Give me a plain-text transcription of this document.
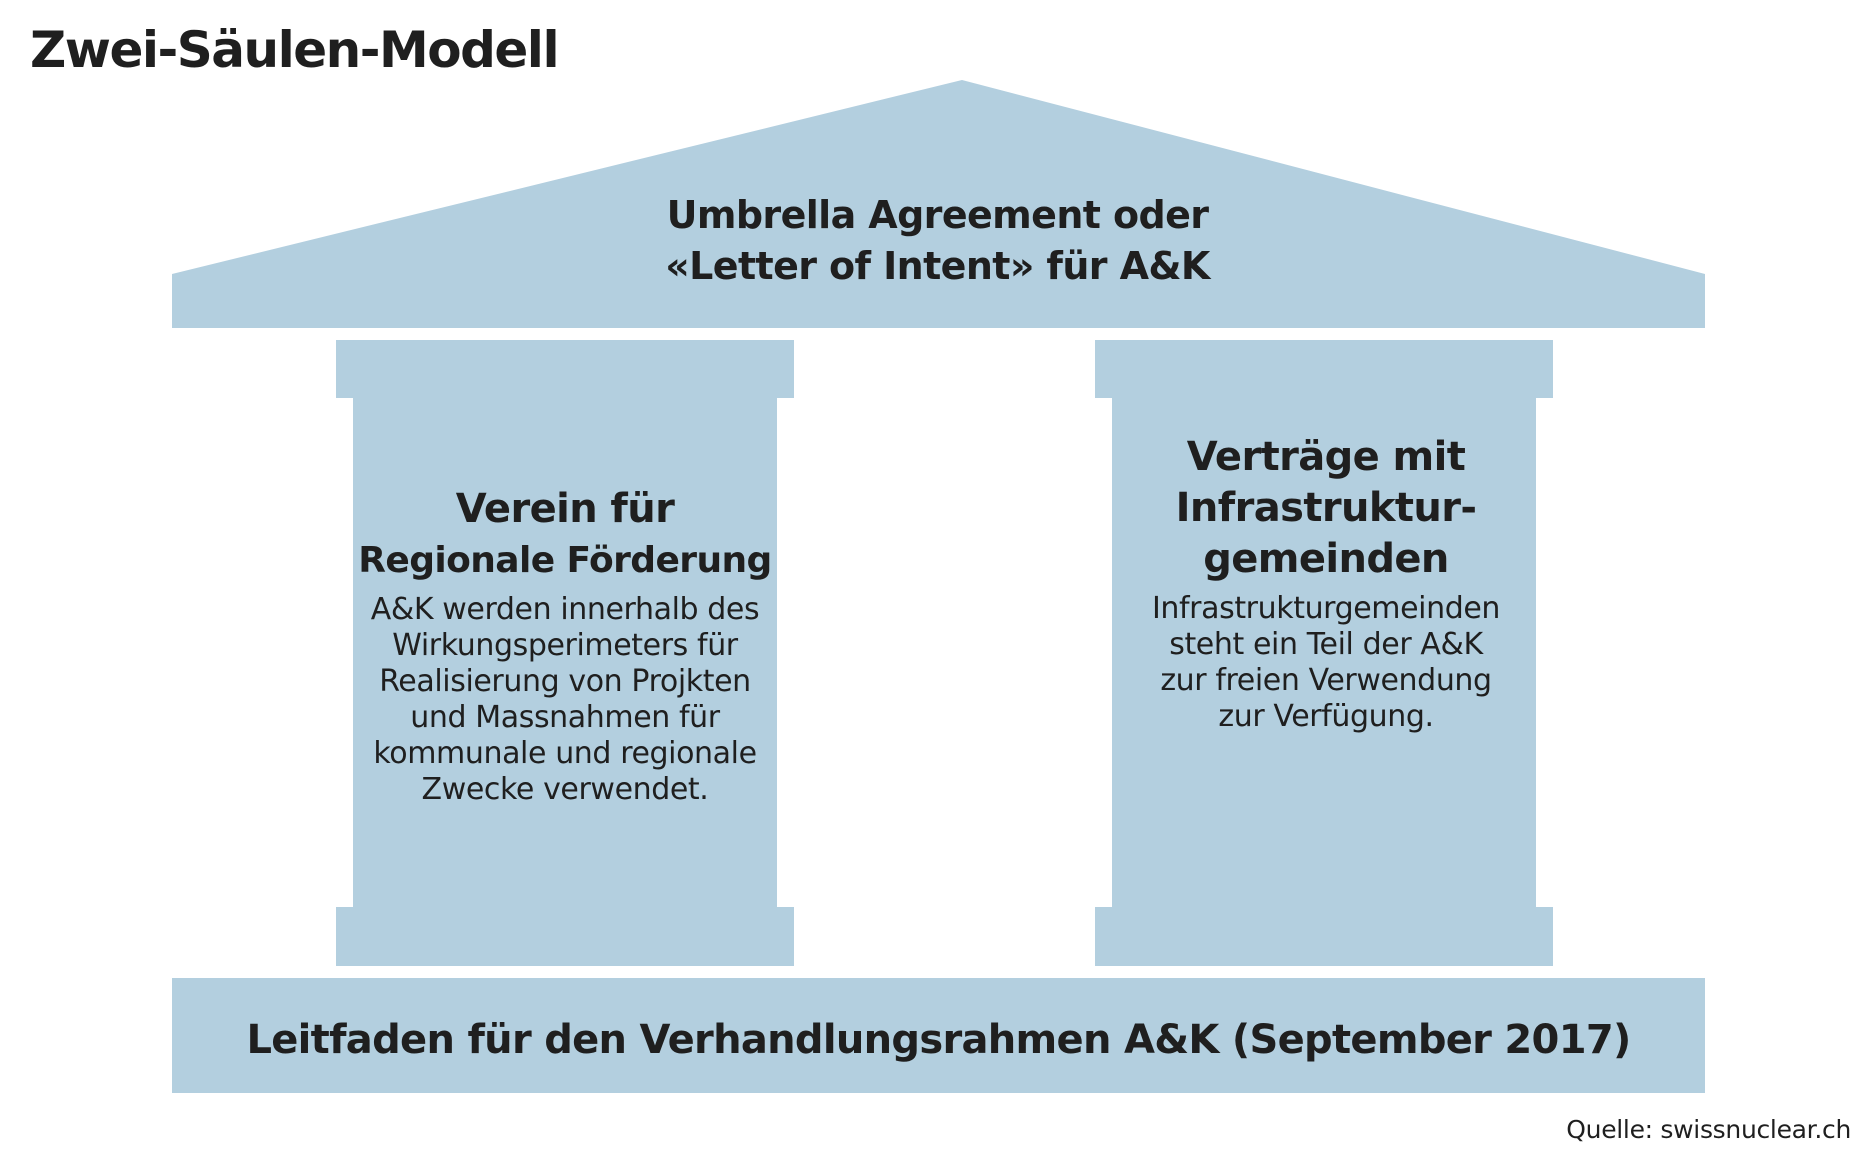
Zwei-Säulen-Modell
Umbrella Agreement oder
«Letter of Intent» für A&K
Verein für
Regionale Förderung
A&K werden innerhalb des
Wirkungsperimeters für
Realisierung von Projkten
und Massnahmen für
kommunale und regionale
Zwecke verwendet.
Verträge mit
Infrastruktur-
gemeinden
Infrastrukturgemeinden
steht ein Teil der A&K
zur freien Verwendung
zur Verfügung.
Leitfaden für den Verhandlungsrahmen A&K (September 2017)
Quelle: swissnuclear.ch
